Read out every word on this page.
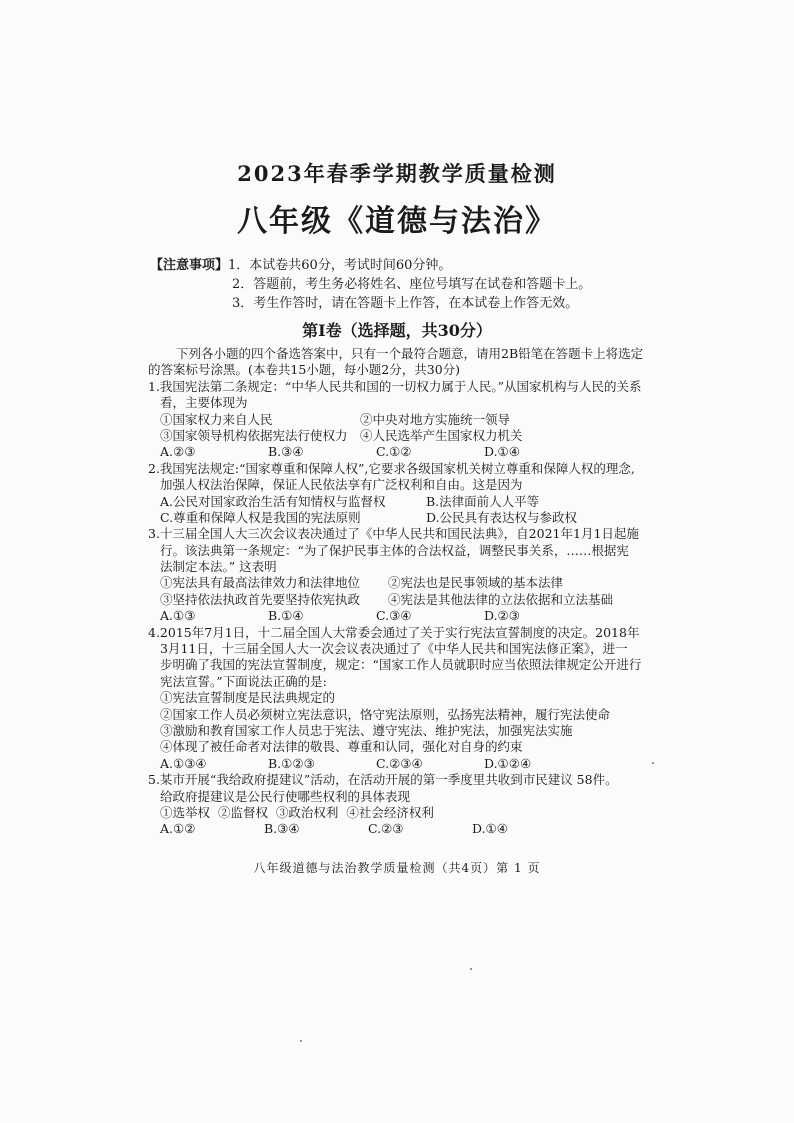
2023年春季学期教学质量检测
八年级《道德与法治》
【注意事项】1．本试卷共60分，考试时间60分钟。
2．答题前，考生务必将姓名、座位号填写在试卷和答题卡上。
3．考生作答时，请在答题卡上作答，在本试卷上作答无效。
第Ⅰ卷（选择题，共30分）
下列各小题的四个备选答案中，只有一个最符合题意，请用2B铅笔在答题卡上将选定
的答案标号涂黑。(本卷共15小题，每小题2分，共30分)
1.我国宪法第二条规定：“中华人民共和国的一切权力属于人民。”从国家机构与人民的关系
看，主要体现为
①国家权力来自人民	②中央对地方实施统一领导
③国家领导机构依据宪法行使权力 ④人民选举产生国家权力机关
A.②③	B.③④	C.①②	D.①④
2.我国宪法规定:“国家尊重和保障人权”,它要求各级国家机关树立尊重和保障人权的理念,
加强人权法治保障，保证人民依法享有广泛权利和自由。这是因为
A.公民对国家政治生活有知情权与监督权	B.法律面前人人平等
C.尊重和保障人权是我国的宪法原则	D.公民具有表达权与参政权
3.十三届全国人大三次会议表决通过了《中华人民共和国民法典》，自2021年1月1日起施
行。该法典第一条规定：“为了保护民事主体的合法权益，调整民事关系，……根据宪
法制定本法。” 这表明
①宪法具有最高法律效力和法律地位	②宪法也是民事领域的基本法律
③坚持依法执政首先要坚持依宪执政	④宪法是其他法律的立法依据和立法基础
A.①③	B.①④	C.③④	D.②③
4.2015年7月1日，十二届全国人大常委会通过了关于实行宪法宣誓制度的决定。2018年
3月11日，十三届全国人大一次会议表决通过了《中华人民共和国宪法修正案》，进一
步明确了我国的宪法宣誓制度，规定：“国家工作人员就职时应当依照法律规定公开进行
宪法宣誓。”下面说法正确的是:
①宪法宣誓制度是民法典规定的
②国家工作人员必须树立宪法意识，恪守宪法原则，弘扬宪法精神，履行宪法使命
③激励和教育国家工作人员忠于宪法、遵守宪法、维护宪法，加强宪法实施
④体现了被任命者对法律的敬畏、尊重和认同，强化对自身的约束
A.①③④	B.①②③	C.②③④	D.①②④
5.某市开展“我给政府提建议”活动，在活动开展的第一季度里共收到市民建议 58件。
给政府提建议是公民行使哪些权利的具体表现
①选举权  ②监督权  ③政治权利  ④社会经济权利
A.①②	B.③④	C.②③	D.①④
八年级道德与法治教学质量检测（共4页）第 1 页
